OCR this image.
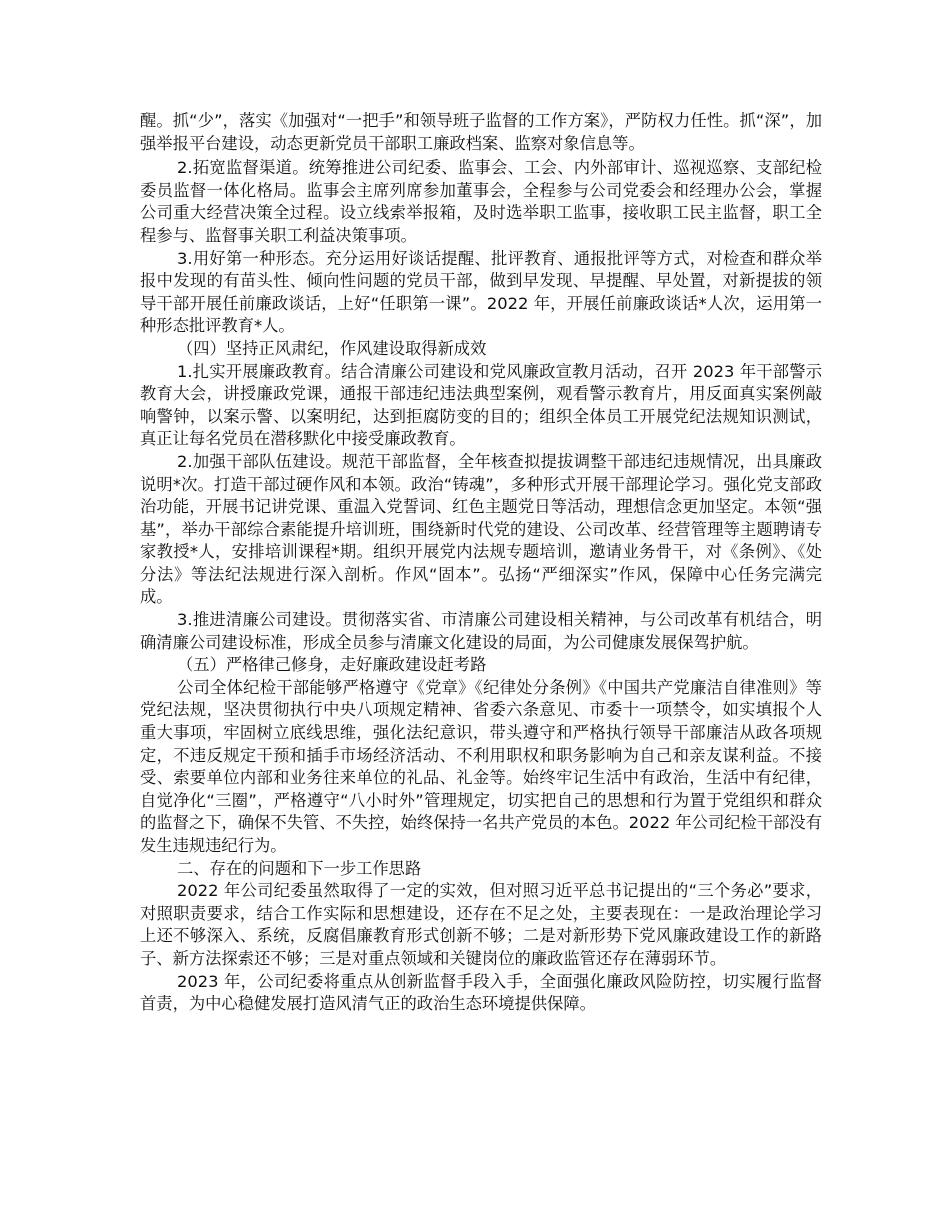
醒。抓“少”，落实《加强对“一把手”和领导班子监督的工作方案》，严防权力任性。抓“深”，加强举报平台建设，动态更新党员干部职工廉政档案、监察对象信息等。

2.拓宽监督渠道。统筹推进公司纪委、监事会、工会、内外部审计、巡视巡察、支部纪检委员监督一体化格局。监事会主席列席参加董事会，全程参与公司党委会和经理办公会，掌握公司重大经营决策全过程。设立线索举报箱，及时选举职工监事，接收职工民主监督，职工全程参与、监督事关职工利益决策事项。

3.用好第一种形态。充分运用好谈话提醒、批评教育、通报批评等方式，对检查和群众举报中发现的有苗头性、倾向性问题的党员干部，做到早发现、早提醒、早处置，对新提拔的领导干部开展任前廉政谈话，上好“任职第一课”。2022 年，开展任前廉政谈话*人次，运用第一种形态批评教育*人。

（四）坚持正风肃纪，作风建设取得新成效

1.扎实开展廉政教育。结合清廉公司建设和党风廉政宣教月活动，召开 2023 年干部警示教育大会，讲授廉政党课，通报干部违纪违法典型案例，观看警示教育片，用反面真实案例敲响警钟，以案示警、以案明纪，达到拒腐防变的目的；组织全体员工开展党纪法规知识测试，真正让每名党员在潜移默化中接受廉政教育。

2.加强干部队伍建设。规范干部监督，全年核查拟提拔调整干部违纪违规情况，出具廉政说明*次。打造干部过硬作风和本领。政治“铸魂”，多种形式开展干部理论学习。强化党支部政治功能，开展书记讲党课、重温入党誓词、红色主题党日等活动，理想信念更加坚定。本领“强基”，举办干部综合素能提升培训班，围绕新时代党的建设、公司改革、经营管理等主题聘请专家教授*人，安排培训课程*期。组织开展党内法规专题培训，邀请业务骨干，对《条例》、《处分法》等法纪法规进行深入剖析。作风“固本”。弘扬“严细深实”作风，保障中心任务完满完成。

3.推进清廉公司建设。贯彻落实省、市清廉公司建设相关精神，与公司改革有机结合，明确清廉公司建设标准，形成全员参与清廉文化建设的局面，为公司健康发展保驾护航。

（五）严格律己修身，走好廉政建设赶考路

公司全体纪检干部能够严格遵守《党章》《纪律处分条例》《中国共产党廉洁自律准则》等党纪法规，坚决贯彻执行中央八项规定精神、省委六条意见、市委十一项禁令，如实填报个人重大事项，牢固树立底线思维，强化法纪意识，带头遵守和严格执行领导干部廉洁从政各项规定，不违反规定干预和插手市场经济活动、不利用职权和职务影响为自己和亲友谋利益。不接受、索要单位内部和业务往来单位的礼品、礼金等。始终牢记生活中有政治，生活中有纪律，自觉净化“三圈”，严格遵守“八小时外”管理规定，切实把自己的思想和行为置于党组织和群众的监督之下，确保不失管、不失控，始终保持一名共产党员的本色。2022 年公司纪检干部没有发生违规违纪行为。

二、存在的问题和下一步工作思路

2022 年公司纪委虽然取得了一定的实效，但对照习近平总书记提出的“三个务必”要求，对照职责要求，结合工作实际和思想建设，还存在不足之处，主要表现在：一是政治理论学习上还不够深入、系统，反腐倡廉教育形式创新不够；二是对新形势下党风廉政建设工作的新路子、新方法探索还不够；三是对重点领域和关键岗位的廉政监管还存在薄弱环节。

2023 年，公司纪委将重点从创新监督手段入手，全面强化廉政风险防控，切实履行监督首责，为中心稳健发展打造风清气正的政治生态环境提供保障。
